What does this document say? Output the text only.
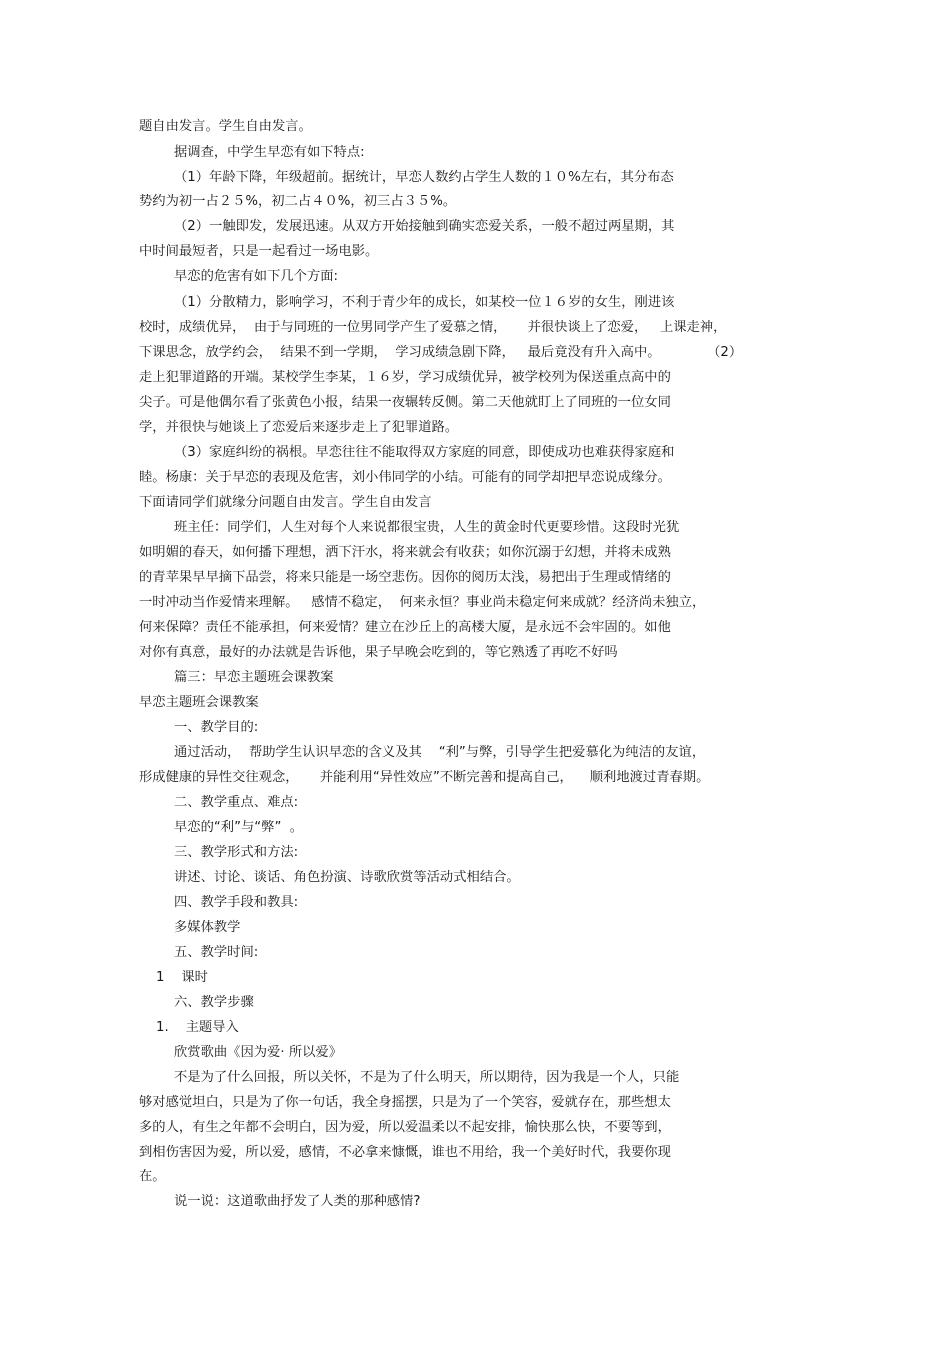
题自由发言。学生自由发言。
据调查，中学生早恋有如下特点:
（1）年龄下降，年级超前。据统计，早恋人数约占学生人数的１０%左右，其分布态
势约为初一占２５%，初二占４０%，初三占３５%。
（2）一触即发，发展迅速。从双方开始接触到确实恋爱关系，一般不超过两星期，其
中时间最短者，只是一起看过一场电影。
早恋的危害有如下几个方面:
（1）分散精力，影响学习，不利于青少年的成长，如某校一位１６岁的女生，刚进该
校时，成绩优异，  由于与同班的一位男同学产生了爱慕之情，     并很快谈上了恋爱，   上课走神，
下课思念，放学约会，  结果不到一学期，  学习成绩急剧下降，   最后竟没有升入高中。           （2）
走上犯罪道路的开端。某校学生李某，１６岁，学习成绩优异，被学校列为保送重点高中的
尖子。可是他偶尔看了张黄色小报，结果一夜辗转反侧。第二天他就盯上了同班的一位女同
学，并很快与她谈上了恋爱后来逐步走上了犯罪道路。
（3）家庭纠纷的祸根。早恋往往不能取得双方家庭的同意，即使成功也难获得家庭和
睦。杨康：关于早恋的表现及危害，刘小伟同学的小结。可能有的同学却把早恋说成缘分。
下面请同学们就缘分问题自由发言。学生自由发言
班主任：同学们，人生对每个人来说都很宝贵，人生的黄金时代更要珍惜。这段时光犹
如明媚的春天，如何播下理想，洒下汗水，将来就会有收获；如你沉溺于幻想，并将未成熟
的青苹果早早摘下品尝，将来只能是一场空悲伤。因你的阅历太浅，易把出于生理或情绪的
一时冲动当作爱情来理解。   感情不稳定，  何来永恒？事业尚未稳定何来成就？经济尚未独立，
何来保障？责任不能承担，何来爱情？建立在沙丘上的高楼大厦，是永远不会牢固的。如他
对你有真意，最好的办法就是告诉他，果子早晚会吃到的，等它熟透了再吃不好吗
篇三：早恋主题班会课教案
早恋主题班会课教案
一、教学目的:
通过活动，  帮助学生认识早恋的含义及其    “利”与弊，引导学生把爱慕化为纯洁的友谊，
形成健康的异性交往观念，     并能利用“异性效应”不断完善和提高自己，    顺利地渡过青春期。
二、教学重点、难点:
早恋的“利”与“弊”  。
三、教学形式和方法:
讲述、讨论、谈话、角色扮演、诗歌欣赏等活动式相结合。
四、教学手段和教具:
多媒体教学
五、教学时间:
1    课时
六、教学步骤
1.    主题导入
欣赏歌曲《因为爱· 所以爱》
不是为了什么回报，所以关怀，不是为了什么明天，所以期待，因为我是一个人，只能
够对感觉坦白，只是为了你一句话，我全身摇摆，只是为了一个笑容，爱就存在，那些想太
多的人，有生之年都不会明白，因为爱，所以爱温柔以不起安排，愉快那么快，不要等到，
到相伤害因为爱，所以爱，感情，不必拿来慷慨，谁也不用给，我一个美好时代，我要你现
在。
说一说：这道歌曲抒发了人类的那种感情?
